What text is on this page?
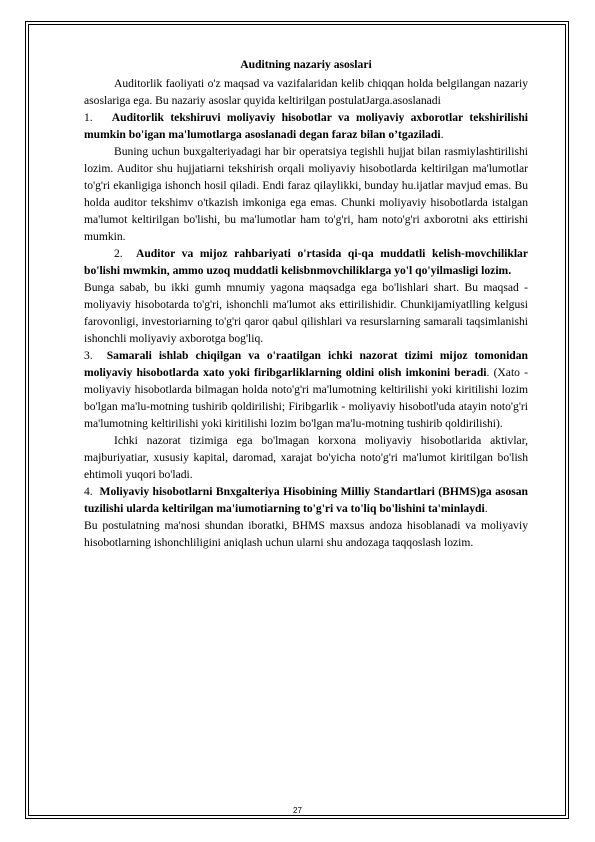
Auditning nazariy asoslari

Auditorlik faoliyati o'z maqsad va vazifalaridan kelib chiqqan holda belgilangan nazariy asoslariga ega. Bu nazariy asoslar quyida keltirilgan postulatJarga.asoslanadi

1. Auditorlik tekshiruvi moliyaviy hisobotlar va moliyaviy axborotlar tekshirilishi mumkin bo'igan ma'lumotlarga asoslanadi degan faraz bilan o’tgaziladi.

Buning uchun buxgalteriyadagi har bir operatsiya tegishli hujjat bilan rasmiylashtirilishi lozim. Auditor shu hujjatiarni tekshirish orqali moliyaviy hisobotlarda keltirilgan ma'lumotlar to'g'ri ekanligiga ishonch hosil qiladi. Endi faraz qilaylikki, bunday hu.ijatlar mavjud emas. Bu holda auditor tekshimv o'tkazish imkoniga ega emas. Chunki moliyaviy hisobotlarda istalgan ma'lumot keltirilgan bo'lishi, bu ma'lumotlar ham to'g'ri, ham noto'g'ri axborotni aks ettirishi mumkin.

2. Auditor va mijoz rahbariyati o'rtasida qi-qa muddatli kelish-movchiliklar bo'lishi mwmkin, ammo uzoq muddatli kelisbnmovchiliklarga yo'l qo'yilmasligi lozim.

Bunga sabab, bu ikki gumh mnumiy yagona maqsadga ega bo'lishlari shart. Bu maqsad - moliyaviy hisobotarda to'g'ri, ishonchli ma'lumot aks ettirilishidir. Chunkijamiyatlling kelgusi farovonligi, investoriarning to'g'ri qaror qabul qilishlari va resurslarning samarali taqsimlanishi ishonchli moliyaviy axborotga bog'liq.

3. Samarali ishlab chiqilgan va o'raatilgan ichki nazorat tizimi mijoz tomonidan moliyaviy hisobotlarda xato yoki firibgarliklarning oldini olish imkonini beradi. (Xato - moliyaviy hisobotlarda bilmagan holda noto'g'ri ma'lumotning keltirilishi yoki kiritilishi lozim bo'lgan ma'lu-motning tushirib qoldirilishi; Firibgarlik - moliyaviy hisobotl'uda atayin noto'g'ri ma'lumotning keltirilishi yoki kiritilishi lozim bo'lgan ma'lu-motning tushirib qoldirilishi).

Ichki nazorat tizimiga ega bo'lmagan korxona moliyaviy hisobotlarida aktivlar, majburiyatiar, xususiy kapital, daromad, xarajat bo'yicha noto'g'ri ma'lumot kiritilgan bo'lish ehtimoli yuqori bo'ladi.

4. Moliyaviy hisobotlarni Bnxgalteriya Hisobining Milliy Standartlari (BHMS)ga asosan tuzilishi ularda keltirilgan ma'iumotiarning to'g'ri va to'liq bo'lishini ta'minlaydi.

Bu postulatning ma'nosi shundan iboratki, BHMS maxsus andoza hisoblanadi va moliyaviy hisobotlarning ishonchliligini aniqlash uchun ularni shu andozaga taqqoslash lozim.

27
